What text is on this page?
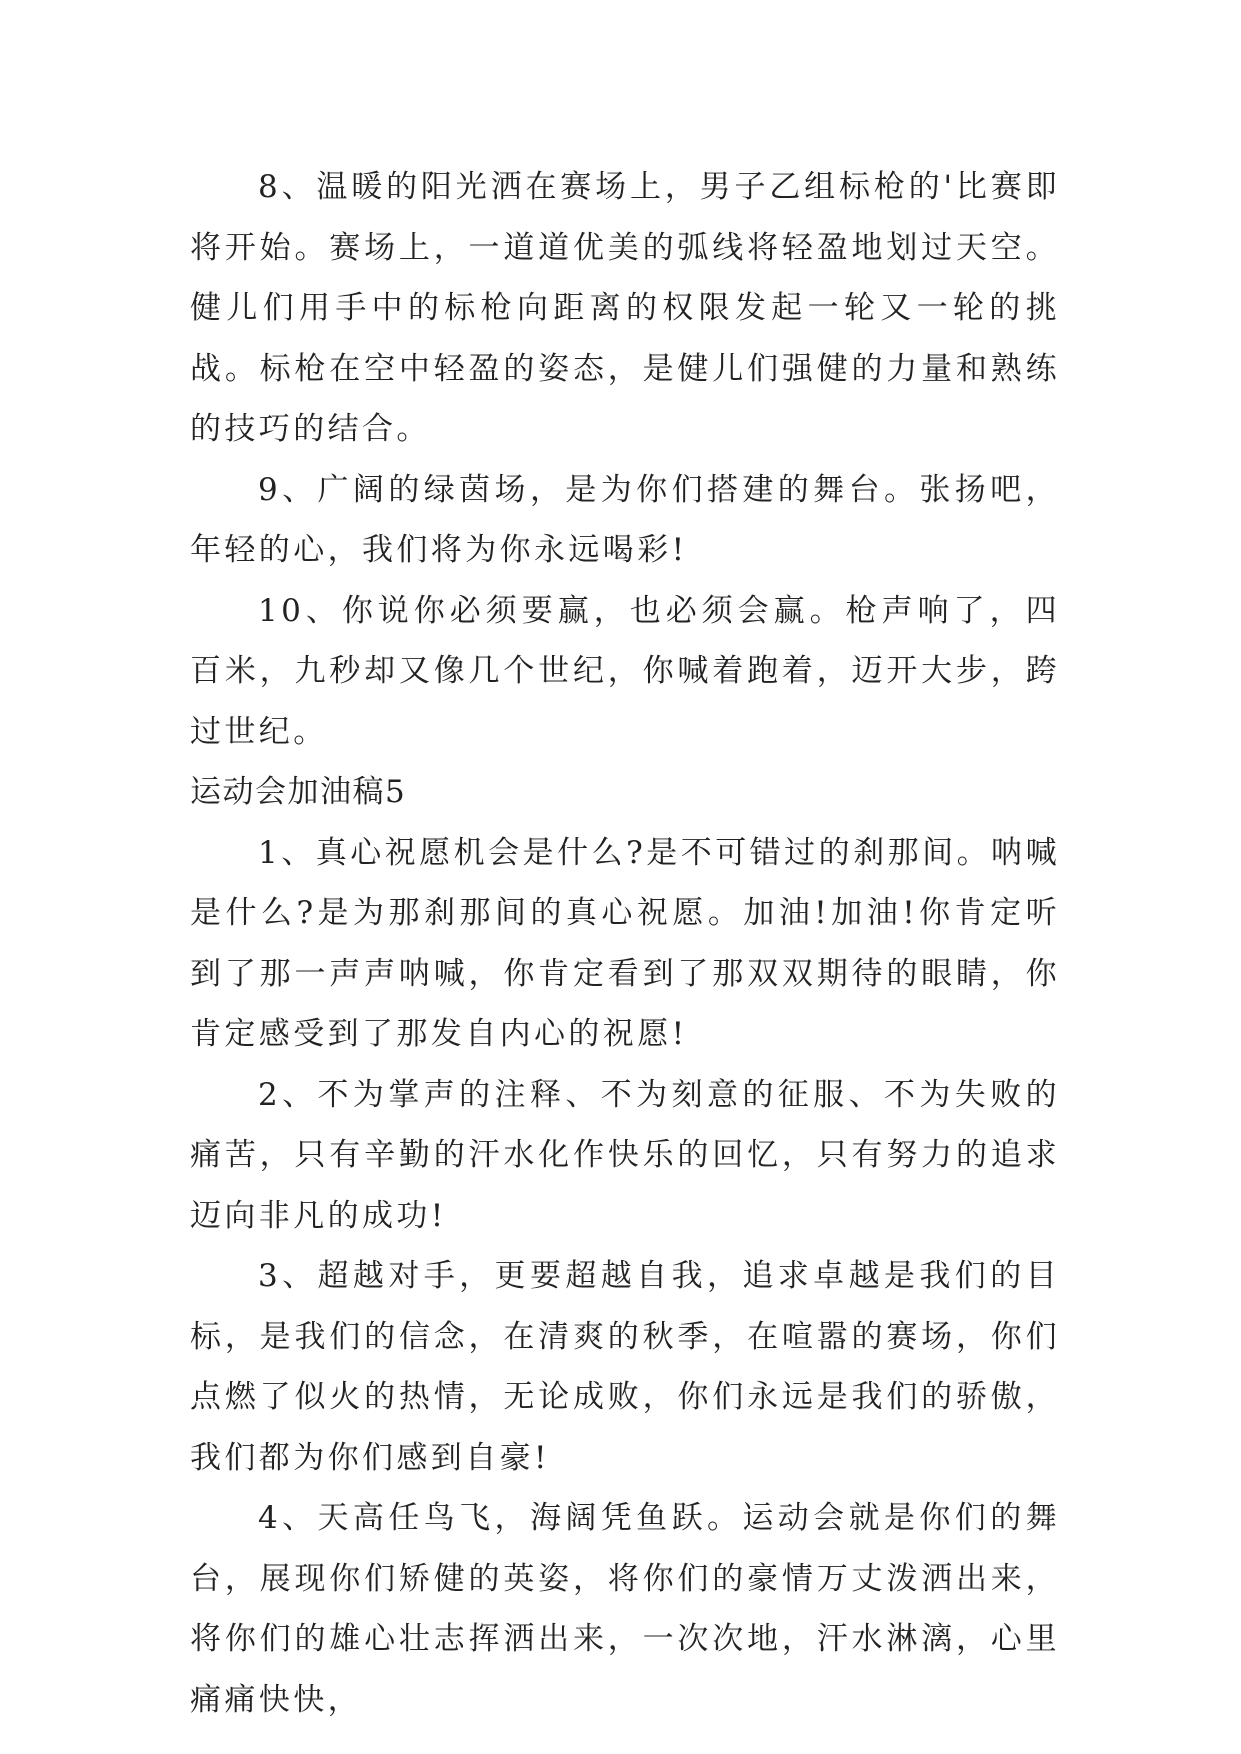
8、温暖的阳光洒在赛场上，男子乙组标枪的'比赛即将开始。赛场上，一道道优美的弧线将轻盈地划过天空。健儿们用手中的标枪向距离的权限发起一轮又一轮的挑战。标枪在空中轻盈的姿态，是健儿们强健的力量和熟练的技巧的结合。

9、广阔的绿茵场，是为你们搭建的舞台。张扬吧，年轻的心，我们将为你永远喝彩!

10、你说你必须要赢，也必须会赢。枪声响了，四百米，九秒却又像几个世纪，你喊着跑着，迈开大步，跨过世纪。

运动会加油稿5

1、真心祝愿机会是什么?是不可错过的刹那间。呐喊是什么?是为那刹那间的真心祝愿。加油!加油!你肯定听到了那一声声呐喊，你肯定看到了那双双期待的眼睛，你肯定感受到了那发自内心的祝愿!

2、不为掌声的注释、不为刻意的征服、不为失败的痛苦，只有辛勤的汗水化作快乐的回忆，只有努力的追求迈向非凡的成功!

3、超越对手，更要超越自我，追求卓越是我们的目标，是我们的信念，在清爽的秋季，在喧嚣的赛场，你们点燃了似火的热情，无论成败，你们永远是我们的骄傲，我们都为你们感到自豪!

4、天高任鸟飞，海阔凭鱼跃。运动会就是你们的舞台，展现你们矫健的英姿，将你们的豪情万丈泼洒出来，将你们的雄心壮志挥洒出来，一次次地，汗水淋漓，心里痛痛快快，
